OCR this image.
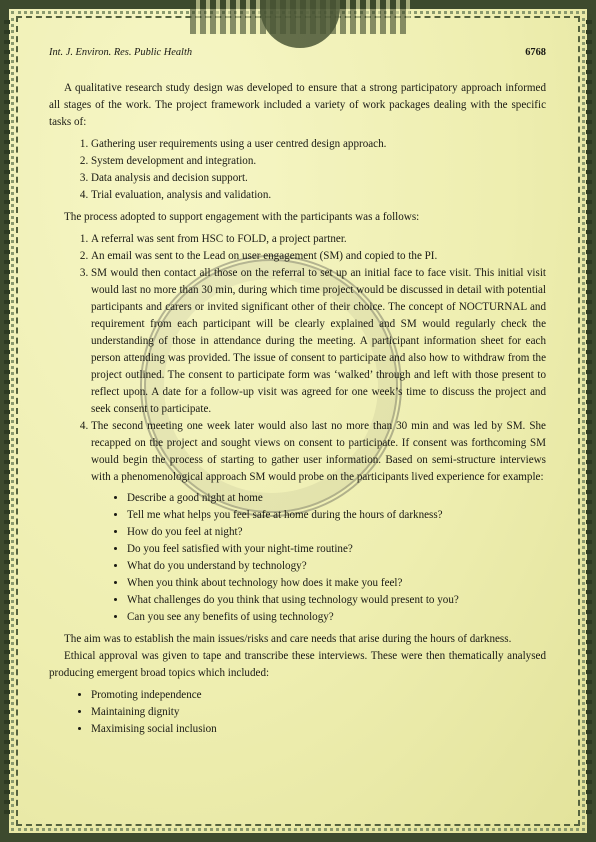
Int. J. Environ. Res. Public Health	6768

A qualitative research study design was developed to ensure that a strong participatory approach informed all stages of the work. The project framework included a variety of work packages dealing with the specific tasks of:

1. Gathering user requirements using a user centred design approach.
2. System development and integration.
3. Data analysis and decision support.
4. Trial evaluation, analysis and validation.

The process adopted to support engagement with the participants was a follows:

1. A referral was sent from HSC to FOLD, a project partner.
2. An email was sent to the Lead on user engagement (SM) and copied to the PI.
3. SM would then contact all those on the referral to set up an initial face to face visit. This initial visit would last no more than 30 min, during which time project would be discussed in detail with potential participants and carers or invited significant other of their choice. The concept of NOCTURNAL and requirement from each participant will be clearly explained and SM would regularly check the understanding of those in attendance during the meeting. A participant information sheet for each person attending was provided. The issue of consent to participate and also how to withdraw from the project outlined. The consent to participate form was ‘walked’ through and left with those present to reflect upon. A date for a follow-up visit was agreed for one week’s time to discuss the project and seek consent to participate.
4. The second meeting one week later would also last no more than 30 min and was led by SM. She recapped on the project and sought views on consent to participate. If consent was forthcoming SM would begin the process of starting to gather user information. Based on semi-structure interviews with a phenomenological approach SM would probe on the participants lived experience for example:
• Describe a good night at home
• Tell me what helps you feel safe at home during the hours of darkness?
• How do you feel at night?
• Do you feel satisfied with your night-time routine?
• What do you understand by technology?
• When you think about technology how does it make you feel?
• What challenges do you think that using technology would present to you?
• Can you see any benefits of using technology?

The aim was to establish the main issues/risks and care needs that arise during the hours of darkness.

Ethical approval was given to tape and transcribe these interviews. These were then thematically analysed producing emergent broad topics which included:

• Promoting independence
• Maintaining dignity
• Maximising social inclusion
